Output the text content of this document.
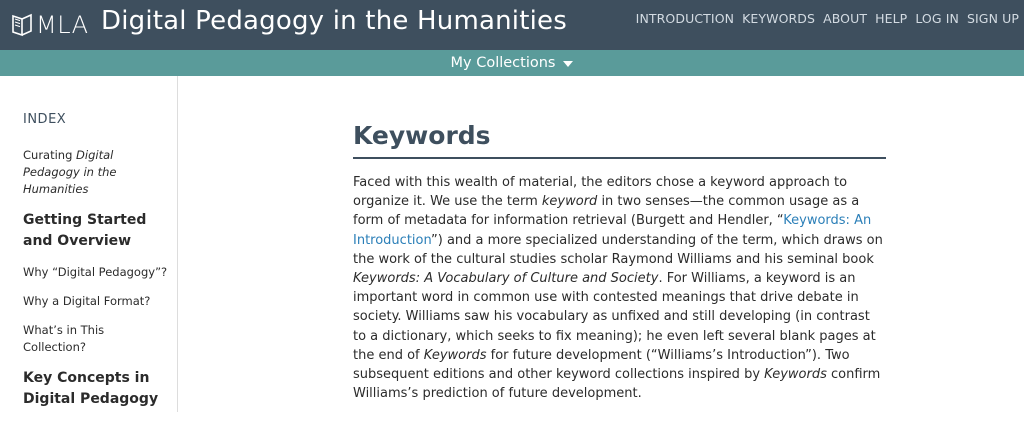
MLA Digital Pedagogy in the Humanities	INTRODUCTION KEYWORDS ABOUT HELP LOG IN SIGN UP
My Collections
INDEX
Curating Digital Pedagogy in the Humanities
Getting Started and Overview
Why “Digital Pedagogy”?
Why a Digital Format?
What’s in This Collection?
Key Concepts in Digital Pedagogy
Keywords

Faced with this wealth of material, the editors chose a keyword approach to organize it. We use the term keyword in two senses—the common usage as a form of metadata for information retrieval (Burgett and Hendler, “Keywords: An Introduction”) and a more specialized understanding of the term, which draws on the work of the cultural studies scholar Raymond Williams and his seminal book Keywords: A Vocabulary of Culture and Society. For Williams, a keyword is an important word in common use with contested meanings that drive debate in society. Williams saw his vocabulary as unfixed and still developing (in contrast to a dictionary, which seeks to fix meaning); he even left several blank pages at the end of Keywords for future development (“Williams’s Introduction”). Two subsequent editions and other keyword collections inspired by Keywords confirm Williams’s prediction of future development.
